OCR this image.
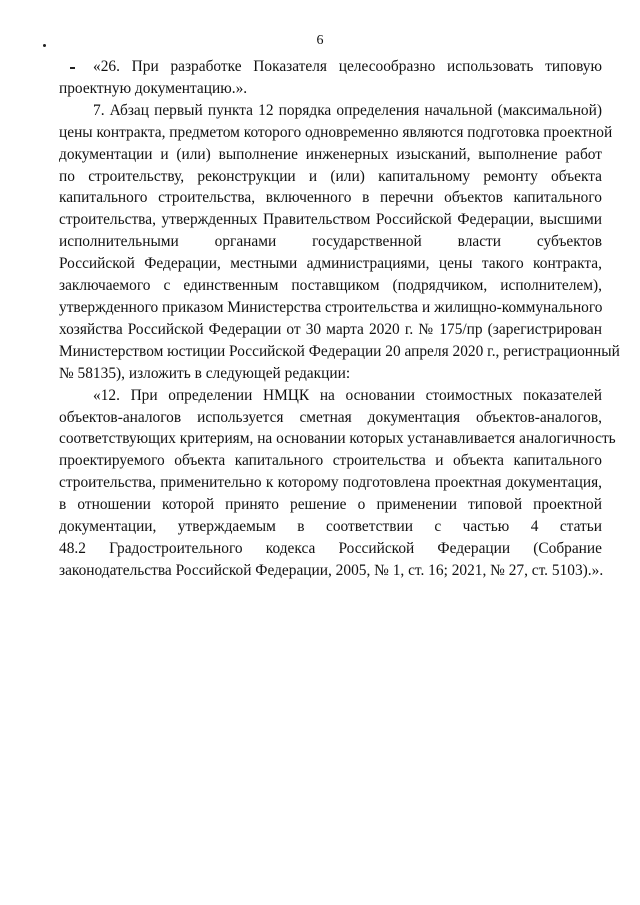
6

«26. При разработке Показателя целесообразно использовать типовую
проектную документацию.».

7. Абзац первый пункта 12 порядка определения начальной (максимальной)
цены контракта, предметом которого одновременно являются подготовка проектной
документации и (или) выполнение инженерных изысканий, выполнение работ
по строительству, реконструкции и (или) капитальному ремонту объекта
капитального строительства, включенного в перечни объектов капитального
строительства, утвержденных Правительством Российской Федерации, высшими
исполнительными органами государственной власти субъектов
Российской Федерации, местными администрациями, цены такого контракта,
заключаемого с единственным поставщиком (подрядчиком, исполнителем),
утвержденного приказом Министерства строительства и жилищно-коммунального
хозяйства Российской Федерации от 30 марта 2020 г. № 175/пр (зарегистрирован
Министерством юстиции Российской Федерации 20 апреля 2020 г., регистрационный
№ 58135), изложить в следующей редакции:

«12. При определении НМЦК на основании стоимостных показателей
объектов-аналогов используется сметная документация объектов-аналогов,
соответствующих критериям, на основании которых устанавливается аналогичность
проектируемого объекта капитального строительства и объекта капитального
строительства, применительно к которому подготовлена проектная документация,
в отношении которой принято решение о применении типовой проектной
документации, утверждаемым в соответствии с частью 4 статьи
48.2 Градостроительного кодекса Российской Федерации (Собрание
законодательства Российской Федерации, 2005, № 1, ст. 16; 2021, № 27, ст. 5103).».
